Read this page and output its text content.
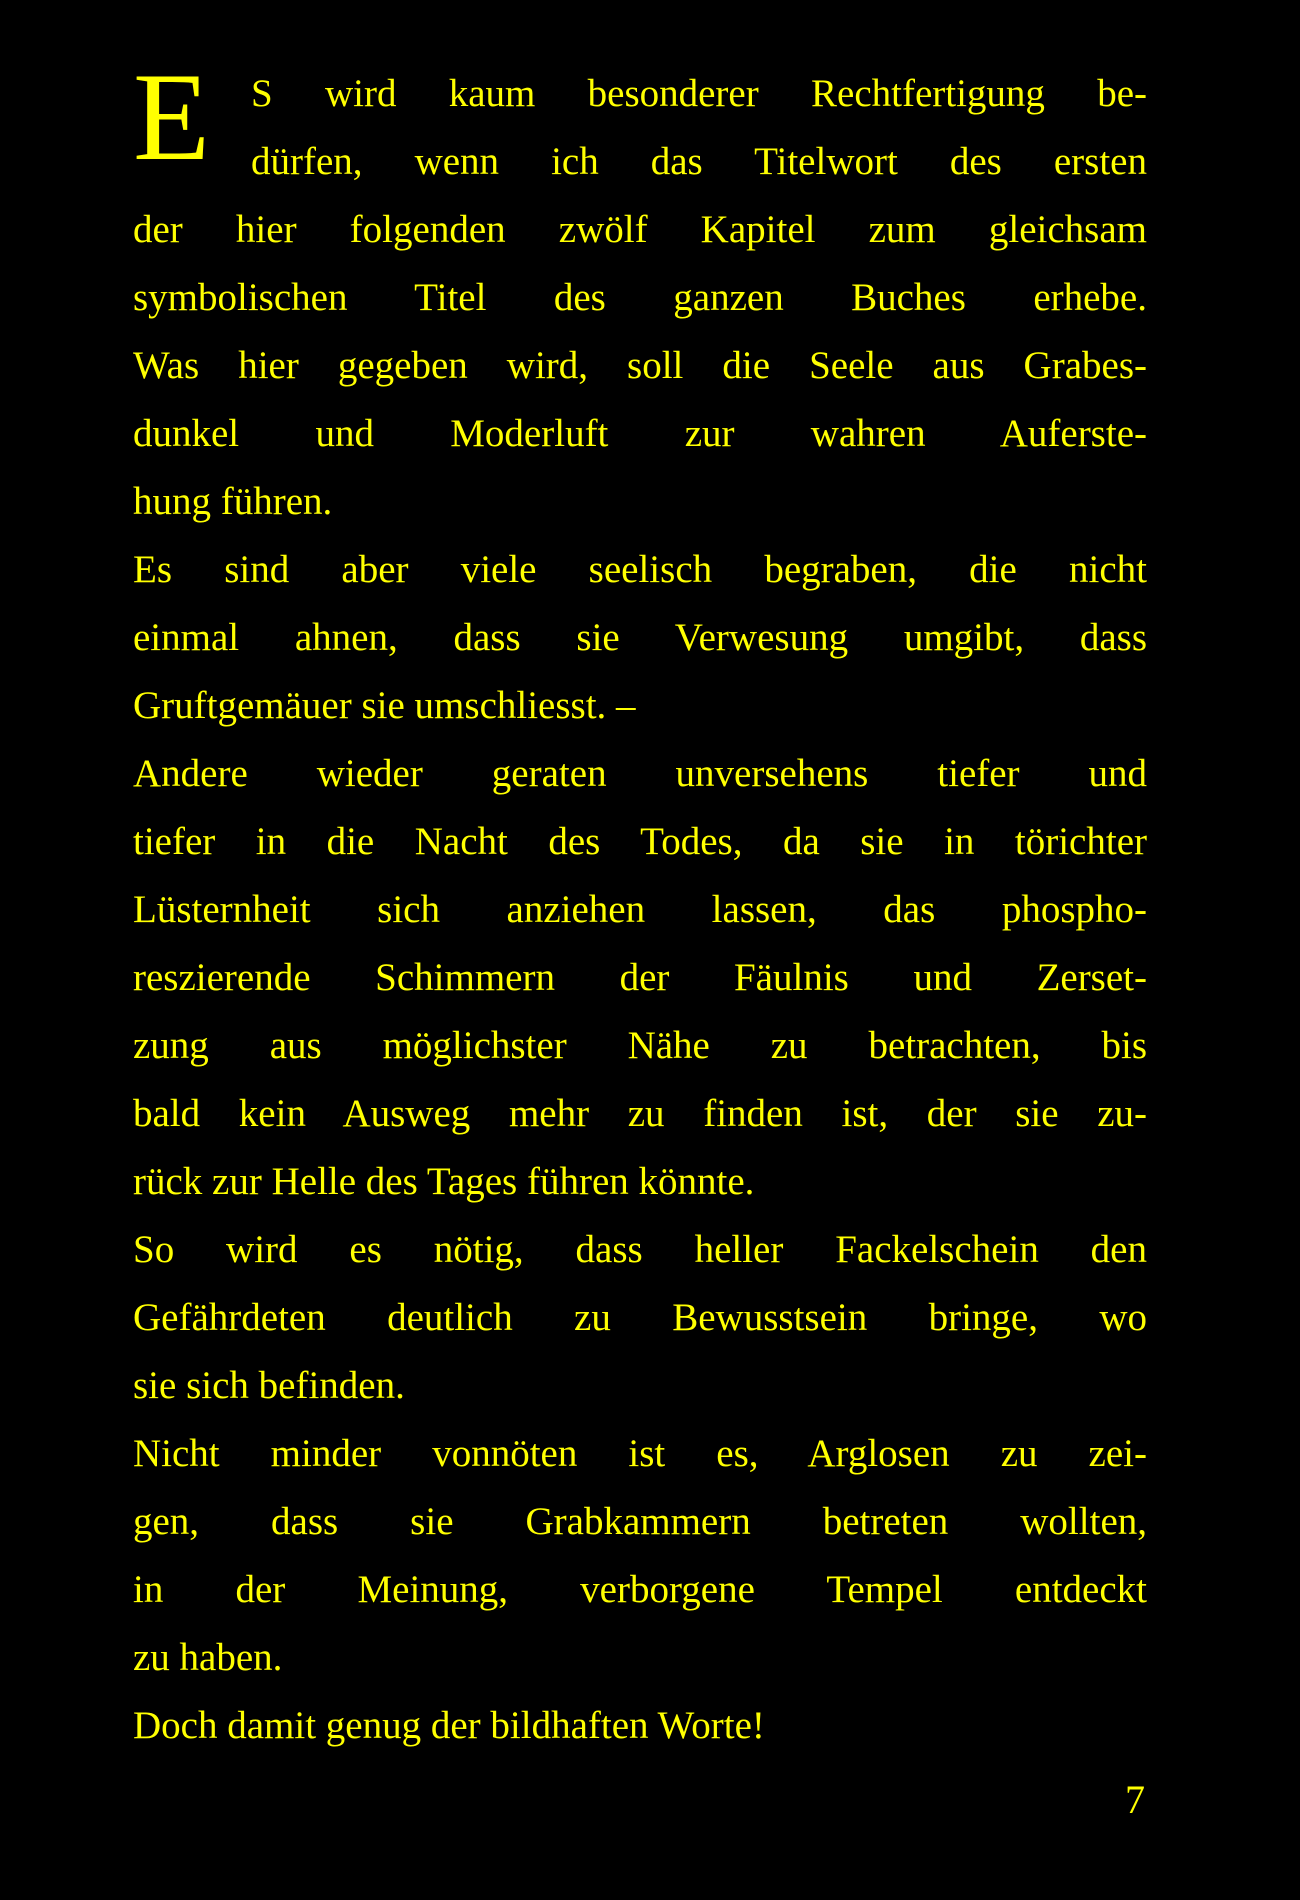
E S wird kaum besonderer Rechtfertigung be-
dürfen, wenn ich das Titelwort des ersten
der hier folgenden zwölf Kapitel zum gleichsam
symbolischen Titel des ganzen Buches erhebe.
Was hier gegeben wird, soll die Seele aus Grabes-
dunkel und Moderluft zur wahren Auferste-
hung führen.
Es sind aber viele seelisch begraben, die nicht
einmal ahnen, dass sie Verwesung umgibt, dass
Gruftgemäuer sie umschliesst. –
Andere wieder geraten unversehens tiefer und
tiefer in die Nacht des Todes, da sie in törichter
Lüsternheit sich anziehen lassen, das phospho-
reszierende Schimmern der Fäulnis und Zerset-
zung aus möglichster Nähe zu betrachten, bis
bald kein Ausweg mehr zu finden ist, der sie zu-
rück zur Helle des Tages führen könnte.
So wird es nötig, dass heller Fackelschein den
Gefährdeten deutlich zu Bewusstsein bringe, wo
sie sich befinden.
Nicht minder vonnöten ist es, Arglosen zu zei-
gen, dass sie Grabkammern betreten wollten,
in der Meinung, verborgene Tempel entdeckt
zu haben.
Doch damit genug der bildhaften Worte!
7
